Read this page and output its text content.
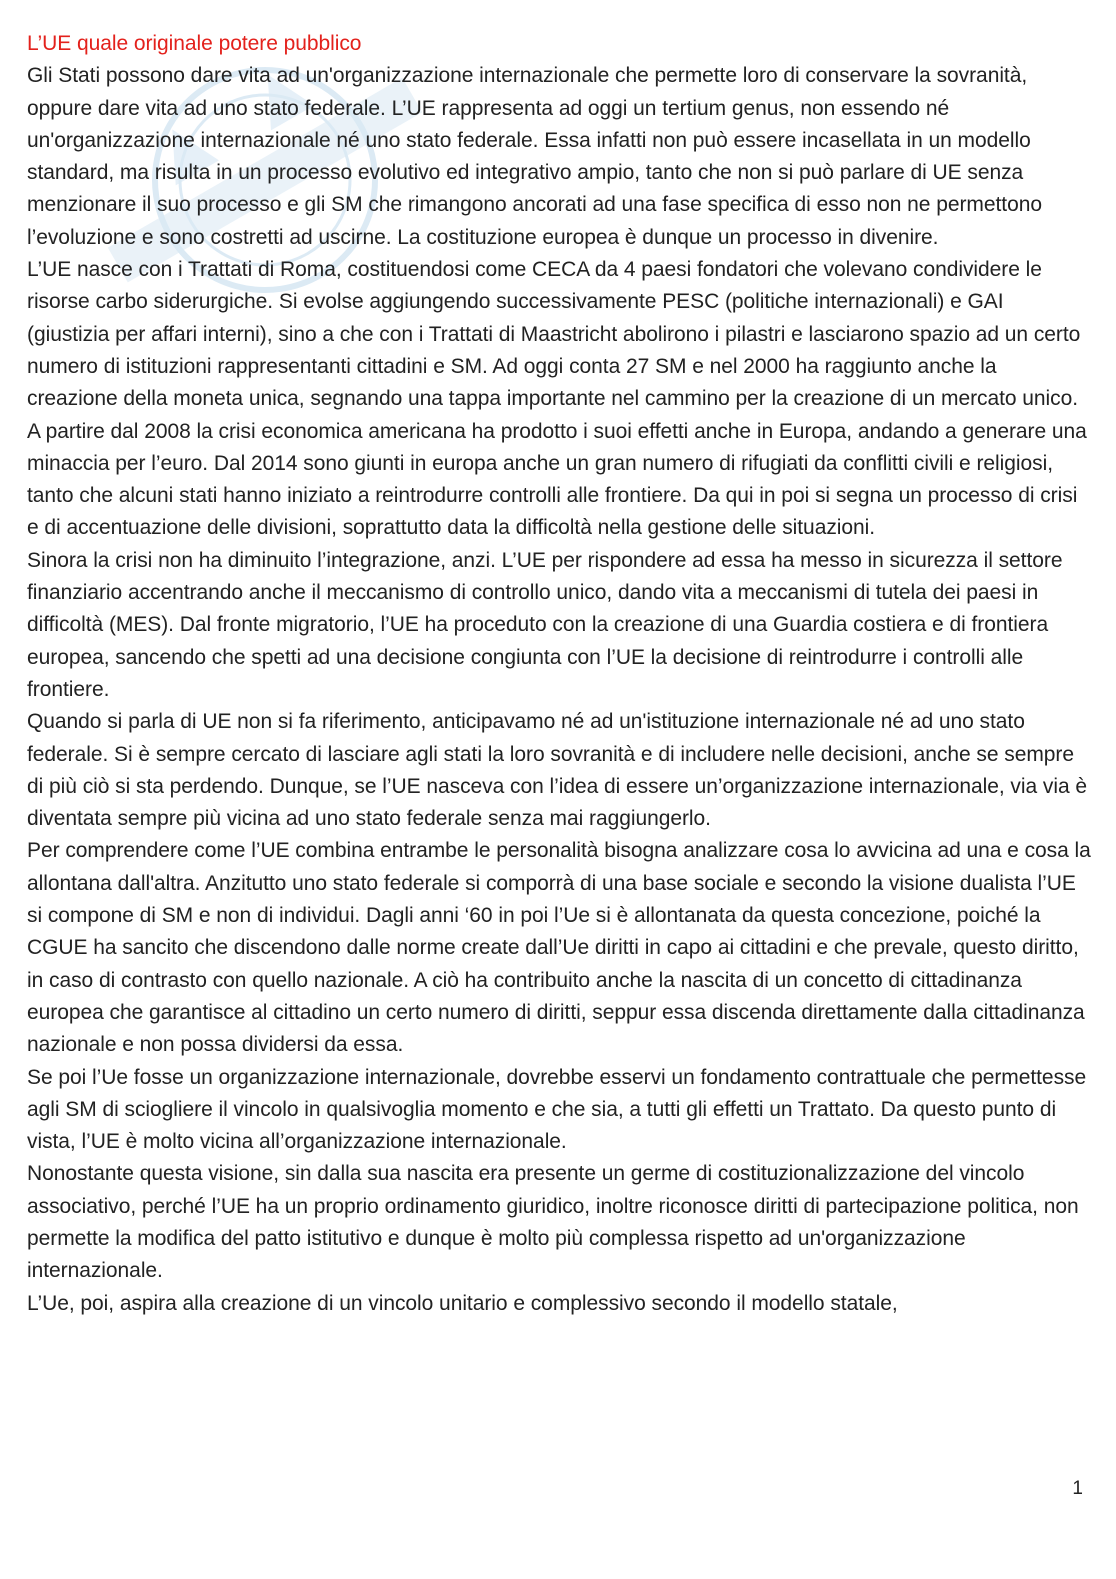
L’UE quale originale potere pubblico

Gli Stati possono dare vita ad un'organizzazione internazionale che permette loro di conservare la sovranità, oppure dare vita ad uno stato federale. L’UE rappresenta ad oggi un tertium genus, non essendo né un'organizzazione internazionale né uno stato federale. Essa infatti non può essere incasellata in un modello standard, ma risulta in un processo evolutivo ed integrativo ampio, tanto che non si può parlare di UE senza menzionare il suo processo e gli SM che rimangono ancorati ad una fase specifica di esso non ne permettono l’evoluzione e sono costretti ad uscirne. La costituzione europea è dunque un processo in divenire.

L’UE nasce con i Trattati di Roma, costituendosi come CECA da 4 paesi fondatori che volevano condividere le risorse carbo siderurgiche. Si evolse aggiungendo successivamente PESC (politiche internazionali) e GAI (giustizia per affari interni), sino a che con i Trattati di Maastricht abolirono i pilastri e lasciarono spazio ad un certo numero di istituzioni rappresentanti cittadini e SM. Ad oggi conta 27 SM e nel 2000 ha raggiunto anche la creazione della moneta unica, segnando una tappa importante nel cammino per la creazione di un mercato unico.

A partire dal 2008 la crisi economica americana ha prodotto i suoi effetti anche in Europa, andando a generare una minaccia per l’euro. Dal 2014 sono giunti in europa anche un gran numero di rifugiati da conflitti civili e religiosi, tanto che alcuni stati hanno iniziato a reintrodurre controlli alle frontiere. Da qui in poi si segna un processo di crisi e di accentuazione delle divisioni, soprattutto data la difficoltà nella gestione delle situazioni.

Sinora la crisi non ha diminuito l’integrazione, anzi. L’UE per rispondere ad essa ha messo in sicurezza il settore finanziario accentrando anche il meccanismo di controllo unico, dando vita a meccanismi di tutela dei paesi in difficoltà (MES). Dal fronte migratorio, l’UE ha proceduto con la creazione di una Guardia costiera e di frontiera europea, sancendo che spetti ad una decisione congiunta con l’UE la decisione di reintrodurre i controlli alle frontiere.

Quando si parla di UE non si fa riferimento, anticipavamo né ad un'istituzione internazionale né ad uno stato federale. Si è sempre cercato di lasciare agli stati la loro sovranità e di includere nelle decisioni, anche se sempre di più ciò si sta perdendo. Dunque, se l’UE nasceva con l’idea di essere un’organizzazione internazionale, via via è diventata sempre più vicina ad uno stato federale senza mai raggiungerlo.

Per comprendere come l’UE combina entrambe le personalità bisogna analizzare cosa lo avvicina ad una e cosa la allontana dall'altra. Anzitutto uno stato federale si comporrà di una base sociale e secondo la visione dualista l’UE si compone di SM e non di individui. Dagli anni ‘60 in poi l’Ue si è allontanata da questa concezione, poiché la CGUE ha sancito che discendono dalle norme create dall’Ue diritti in capo ai cittadini e che prevale, questo diritto, in caso di contrasto con quello nazionale. A ciò ha contribuito anche la nascita di un concetto di cittadinanza europea che garantisce al cittadino un certo numero di diritti, seppur essa discenda direttamente dalla cittadinanza nazionale e non possa dividersi da essa.

Se poi l’Ue fosse un organizzazione internazionale, dovrebbe esservi un fondamento contrattuale che permettesse agli SM di sciogliere il vincolo in qualsivoglia momento e che sia, a tutti gli effetti un Trattato. Da questo punto di vista, l’UE è molto vicina all’organizzazione internazionale.

Nonostante questa visione, sin dalla sua nascita era presente un germe di costituzionalizzazione del vincolo associativo, perché l’UE ha un proprio ordinamento giuridico, inoltre riconosce diritti di partecipazione politica, non permette la modifica del patto istitutivo e dunque è molto più complessa rispetto ad un'organizzazione internazionale.

L’Ue, poi, aspira alla creazione di un vincolo unitario e complessivo secondo il modello statale,

1
